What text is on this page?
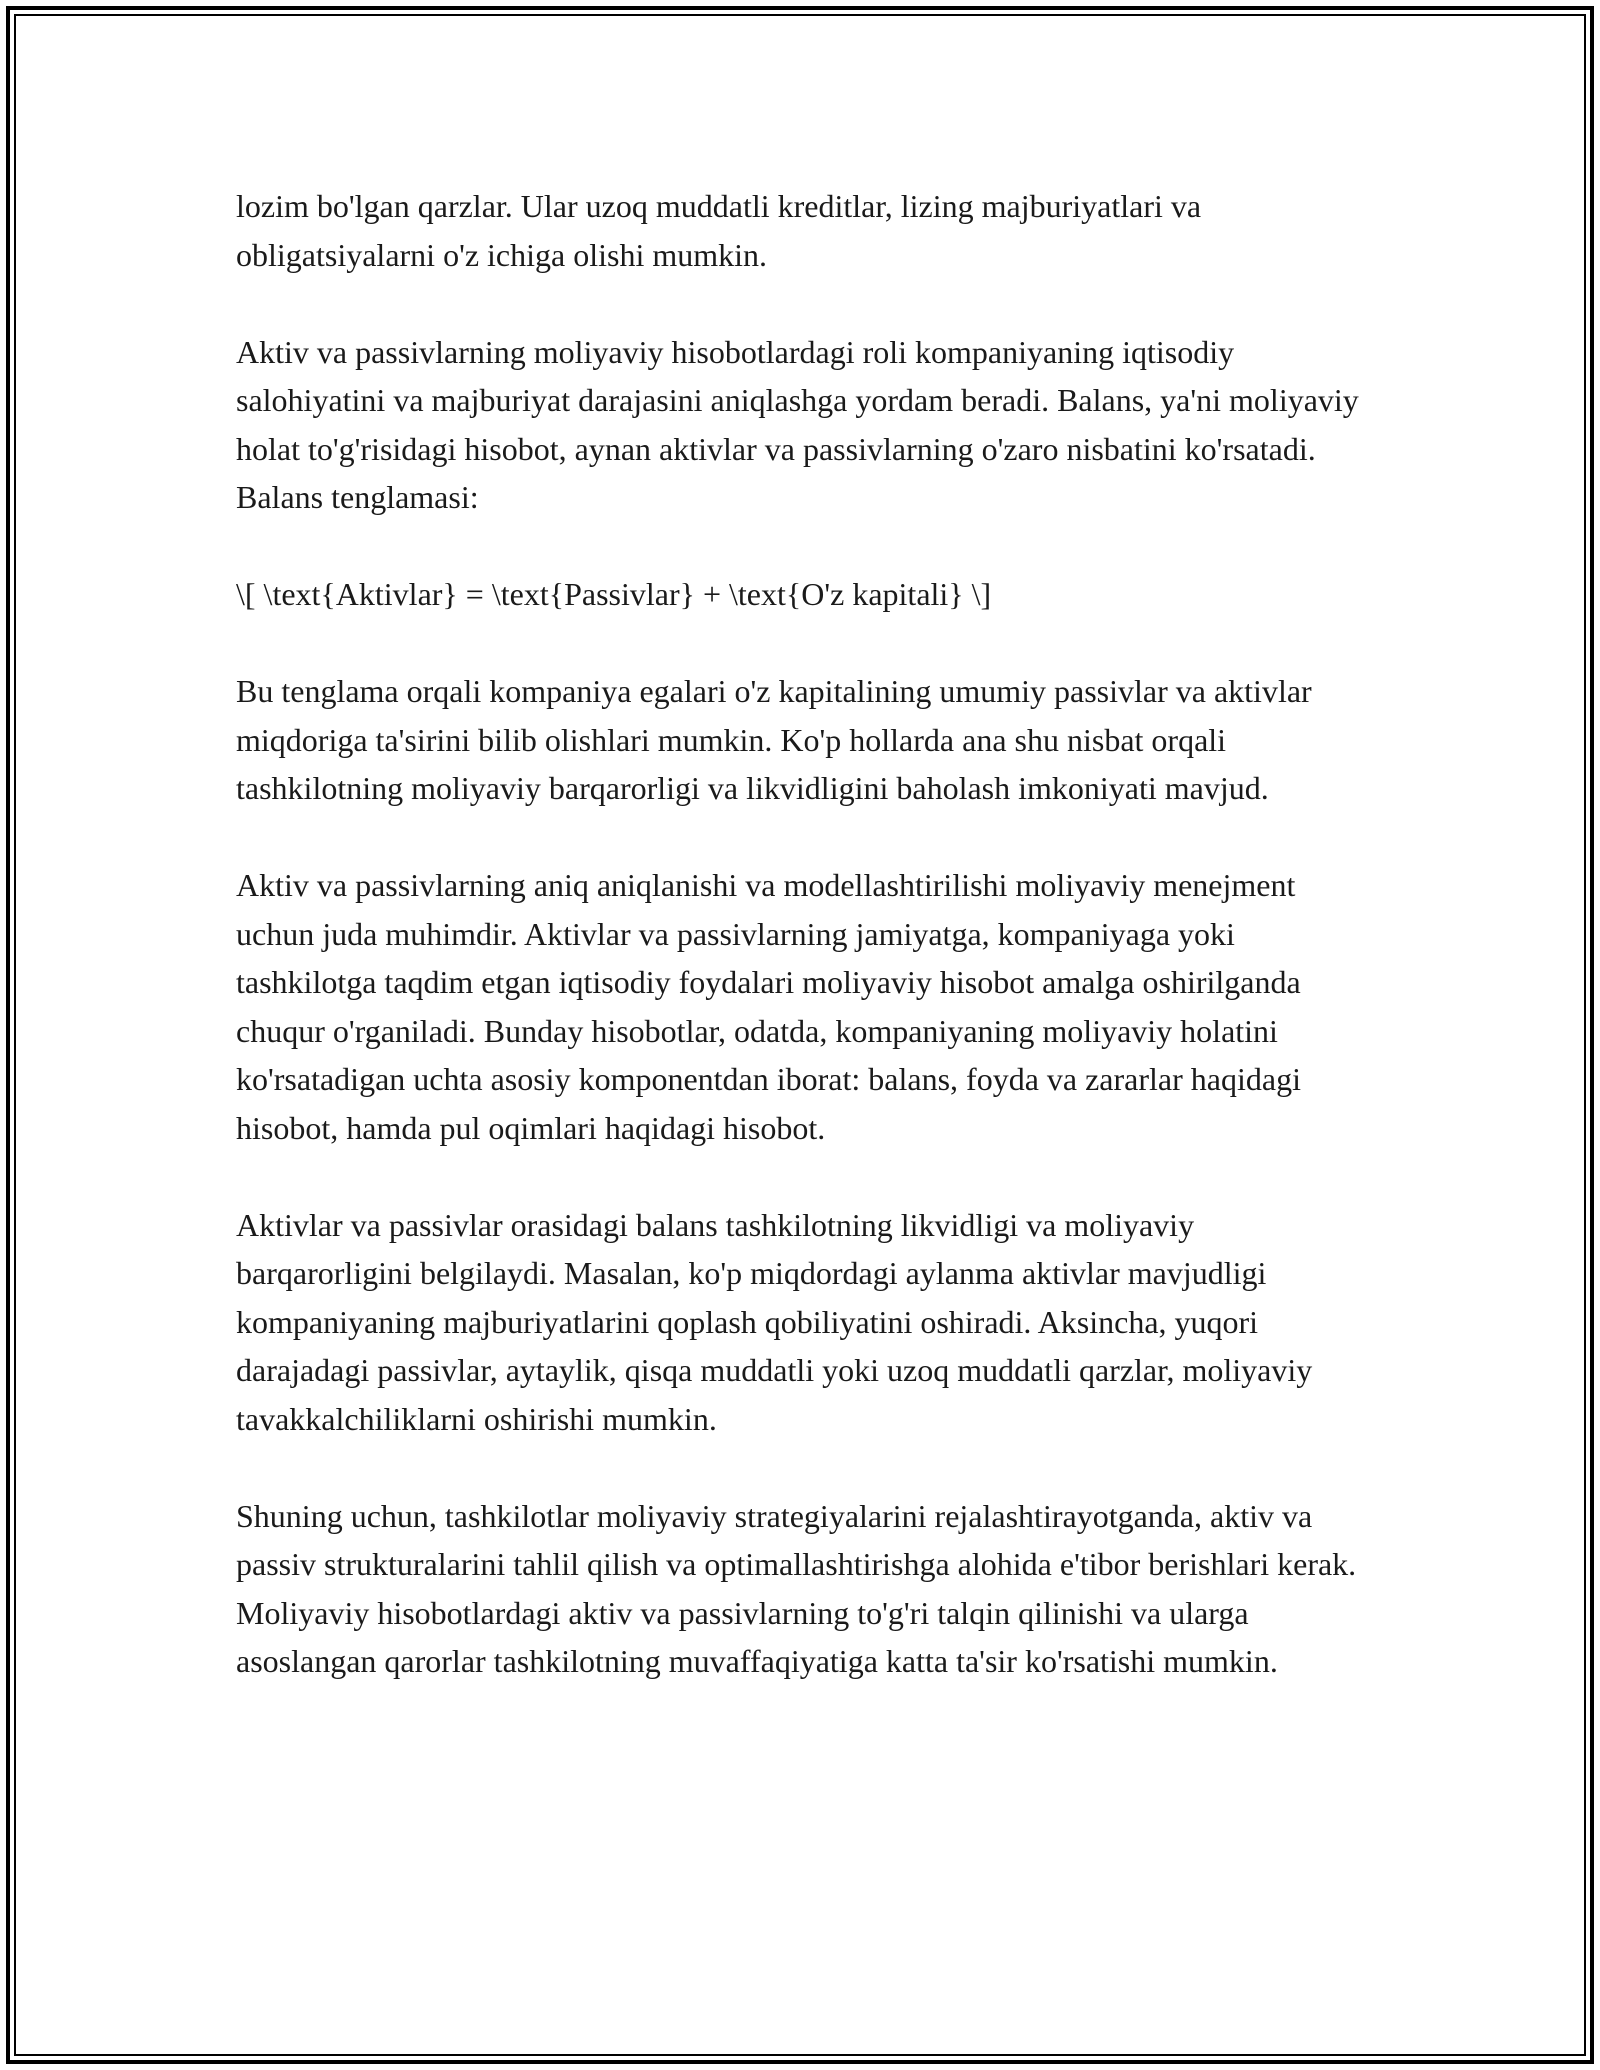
lozim bo'lgan qarzlar. Ular uzoq muddatli kreditlar, lizing majburiyatlari va obligatsiyalarni o'z ichiga olishi mumkin.

Aktiv va passivlarning moliyaviy hisobotlardagi roli kompaniyaning iqtisodiy salohiyatini va majburiyat darajasini aniqlashga yordam beradi. Balans, ya'ni moliyaviy holat to'g'risidagi hisobot, aynan aktivlar va passivlarning o'zaro nisbatini ko'rsatadi. Balans tenglamasi:

\[ \text{Aktivlar} = \text{Passivlar} + \text{O'z kapitali} \]

Bu tenglama orqali kompaniya egalari o'z kapitalining umumiy passivlar va aktivlar miqdoriga ta'sirini bilib olishlari mumkin. Ko'p hollarda ana shu nisbat orqali tashkilotning moliyaviy barqarorligi va likvidligini baholash imkoniyati mavjud.

Aktiv va passivlarning aniq aniqlanishi va modellashtirilishi moliyaviy menejment uchun juda muhimdir. Aktivlar va passivlarning jamiyatga, kompaniyaga yoki tashkilotga taqdim etgan iqtisodiy foydalari moliyaviy hisobot amalga oshirilganda chuqur o'rganiladi. Bunday hisobotlar, odatda, kompaniyaning moliyaviy holatini ko'rsatadigan uchta asosiy komponentdan iborat: balans, foyda va zararlar haqidagi hisobot, hamda pul oqimlari haqidagi hisobot.

Aktivlar va passivlar orasidagi balans tashkilotning likvidligi va moliyaviy barqarorligini belgilaydi. Masalan, ko'p miqdordagi aylanma aktivlar mavjudligi kompaniyaning majburiyatlarini qoplash qobiliyatini oshiradi. Aksincha, yuqori darajadagi passivlar, aytaylik, qisqa muddatli yoki uzoq muddatli qarzlar, moliyaviy tavakkalchiliklarni oshirishi mumkin.

Shuning uchun, tashkilotlar moliyaviy strategiyalarini rejalashtirayotganda, aktiv va passiv strukturalarini tahlil qilish va optimallashtirishga alohida e'tibor berishlari kerak. Moliyaviy hisobotlardagi aktiv va passivlarning to'g'ri talqin qilinishi va ularga asoslangan qarorlar tashkilotning muvaffaqiyatiga katta ta'sir ko'rsatishi mumkin.
